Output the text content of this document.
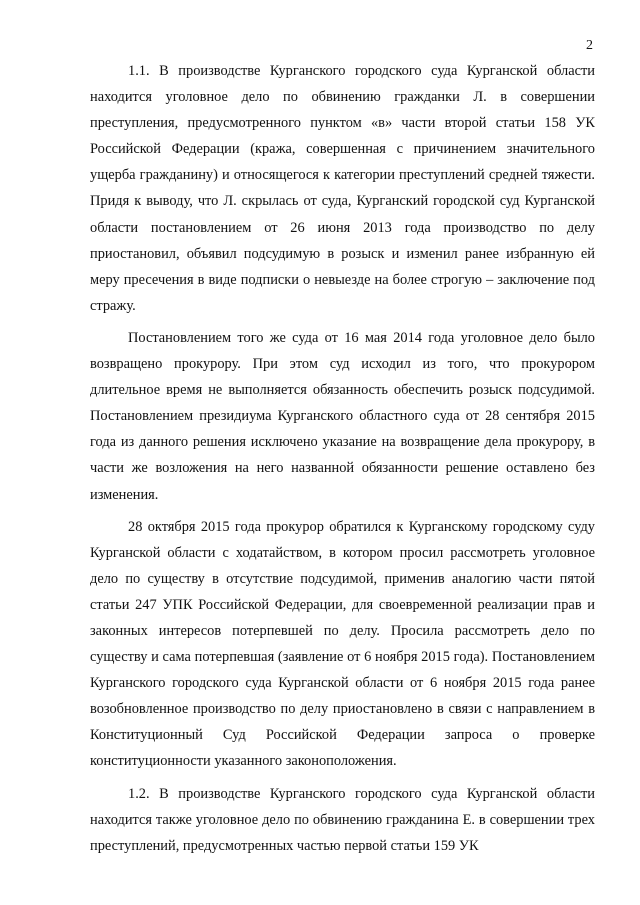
2

1.1. В производстве Курганского городского суда Курганской области находится уголовное дело по обвинению гражданки Л. в совершении преступления, предусмотренного пунктом «в» части второй статьи 158 УК Российской Федерации (кража, совершенная с причинением значительного ущерба гражданину) и относящегося к категории преступлений средней тяжести. Придя к выводу, что Л. скрылась от суда, Курганский городской суд Курганской области постановлением от 26 июня 2013 года производство по делу приостановил, объявил подсудимую в розыск и изменил ранее избранную ей меру пресечения в виде подписки о невыезде на более строгую – заключение под стражу.

Постановлением того же суда от 16 мая 2014 года уголовное дело было возвращено прокурору. При этом суд исходил из того, что прокурором длительное время не выполняется обязанность обеспечить розыск подсудимой. Постановлением президиума Курганского областного суда от 28 сентября 2015 года из данного решения исключено указание на возвращение дела прокурору, в части же возложения на него названной обязанности решение оставлено без изменения.

28 октября 2015 года прокурор обратился к Курганскому городскому суду Курганской области с ходатайством, в котором просил рассмотреть уголовное дело по существу в отсутствие подсудимой, применив аналогию части пятой статьи 247 УПК Российской Федерации, для своевременной реализации прав и законных интересов потерпевшей по делу. Просила рассмотреть дело по существу и сама потерпевшая (заявление от 6 ноября 2015 года). Постановлением Курганского городского суда Курганской области от 6 ноября 2015 года ранее возобновленное производство по делу приостановлено в связи с направлением в Конституционный Суд Российской Федерации запроса о проверке конституционности указанного законоположения.

1.2. В производстве Курганского городского суда Курганской области находится также уголовное дело по обвинению гражданина Е. в совершении трех преступлений, предусмотренных частью первой статьи 159 УК
